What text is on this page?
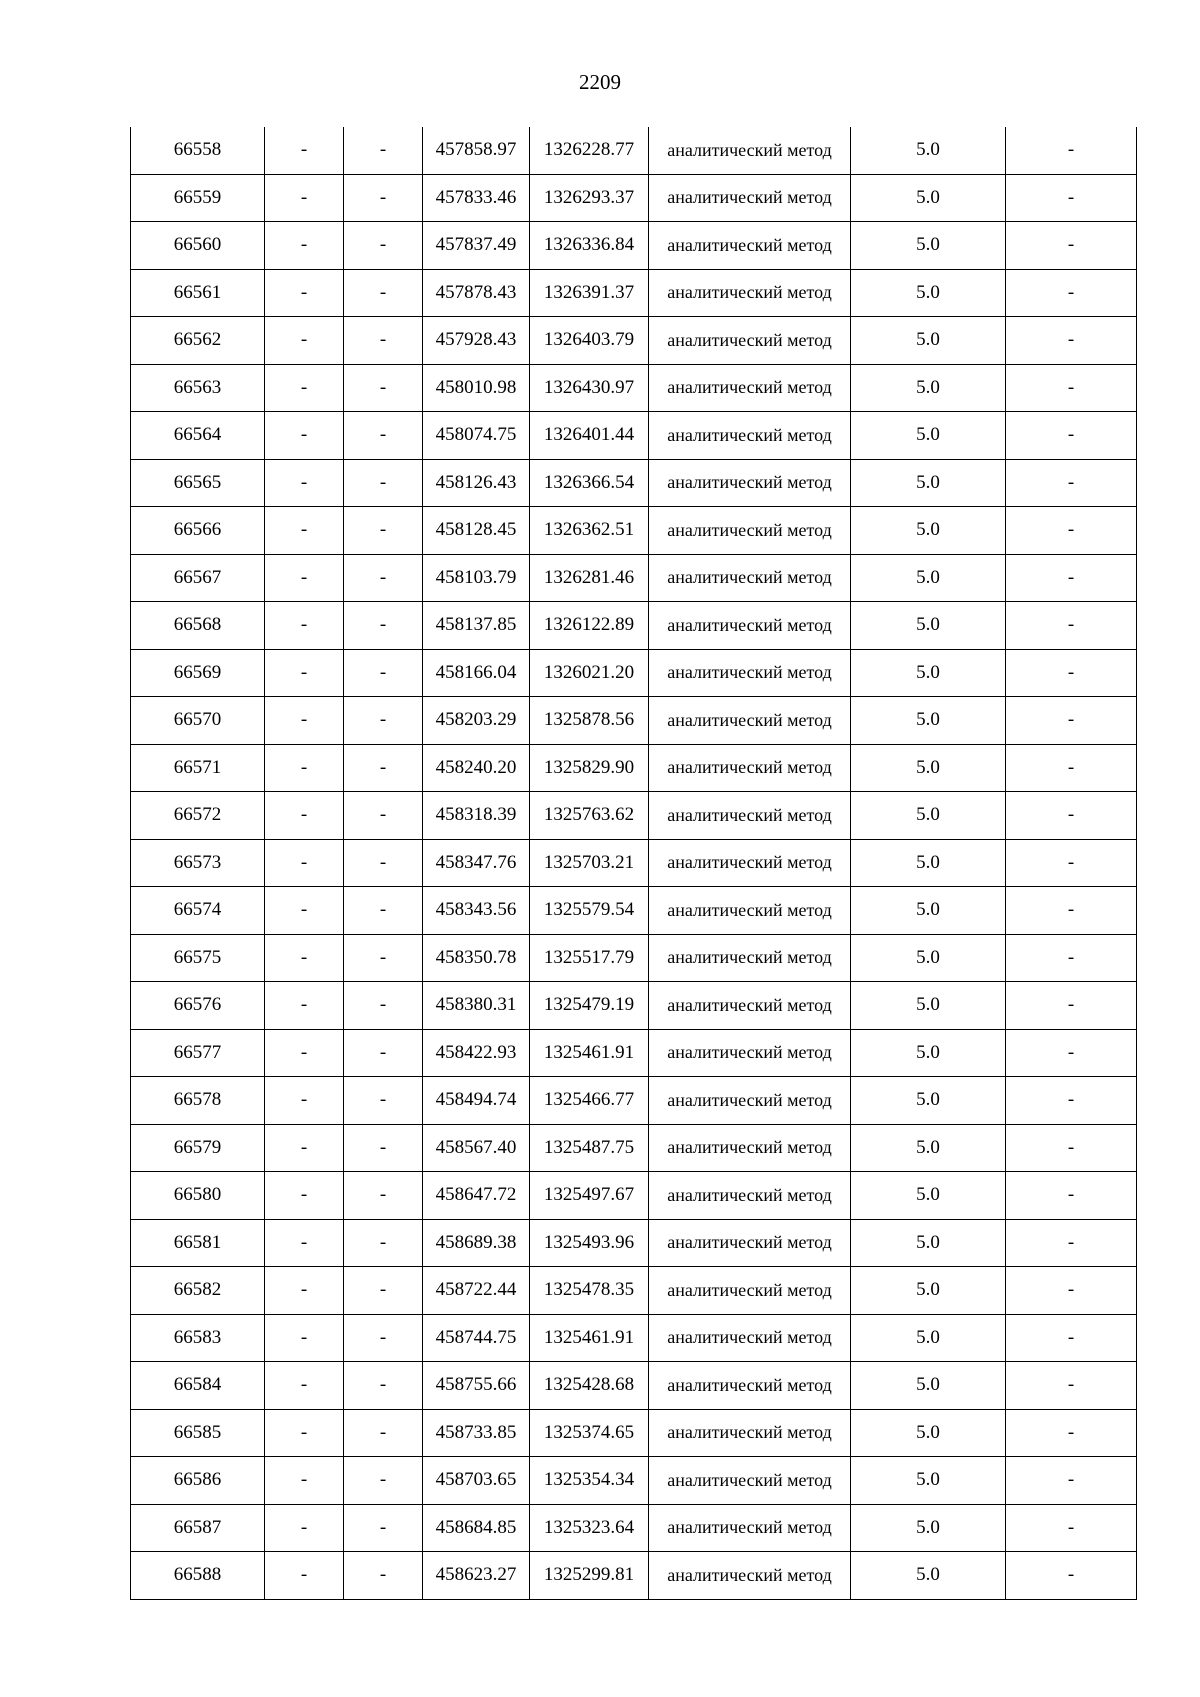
2209
66558	-	-	457858.97	1326228.77	аналитический метод	5.0	-
66559	-	-	457833.46	1326293.37	аналитический метод	5.0	-
66560	-	-	457837.49	1326336.84	аналитический метод	5.0	-
66561	-	-	457878.43	1326391.37	аналитический метод	5.0	-
66562	-	-	457928.43	1326403.79	аналитический метод	5.0	-
66563	-	-	458010.98	1326430.97	аналитический метод	5.0	-
66564	-	-	458074.75	1326401.44	аналитический метод	5.0	-
66565	-	-	458126.43	1326366.54	аналитический метод	5.0	-
66566	-	-	458128.45	1326362.51	аналитический метод	5.0	-
66567	-	-	458103.79	1326281.46	аналитический метод	5.0	-
66568	-	-	458137.85	1326122.89	аналитический метод	5.0	-
66569	-	-	458166.04	1326021.20	аналитический метод	5.0	-
66570	-	-	458203.29	1325878.56	аналитический метод	5.0	-
66571	-	-	458240.20	1325829.90	аналитический метод	5.0	-
66572	-	-	458318.39	1325763.62	аналитический метод	5.0	-
66573	-	-	458347.76	1325703.21	аналитический метод	5.0	-
66574	-	-	458343.56	1325579.54	аналитический метод	5.0	-
66575	-	-	458350.78	1325517.79	аналитический метод	5.0	-
66576	-	-	458380.31	1325479.19	аналитический метод	5.0	-
66577	-	-	458422.93	1325461.91	аналитический метод	5.0	-
66578	-	-	458494.74	1325466.77	аналитический метод	5.0	-
66579	-	-	458567.40	1325487.75	аналитический метод	5.0	-
66580	-	-	458647.72	1325497.67	аналитический метод	5.0	-
66581	-	-	458689.38	1325493.96	аналитический метод	5.0	-
66582	-	-	458722.44	1325478.35	аналитический метод	5.0	-
66583	-	-	458744.75	1325461.91	аналитический метод	5.0	-
66584	-	-	458755.66	1325428.68	аналитический метод	5.0	-
66585	-	-	458733.85	1325374.65	аналитический метод	5.0	-
66586	-	-	458703.65	1325354.34	аналитический метод	5.0	-
66587	-	-	458684.85	1325323.64	аналитический метод	5.0	-
66588	-	-	458623.27	1325299.81	аналитический метод	5.0	-
